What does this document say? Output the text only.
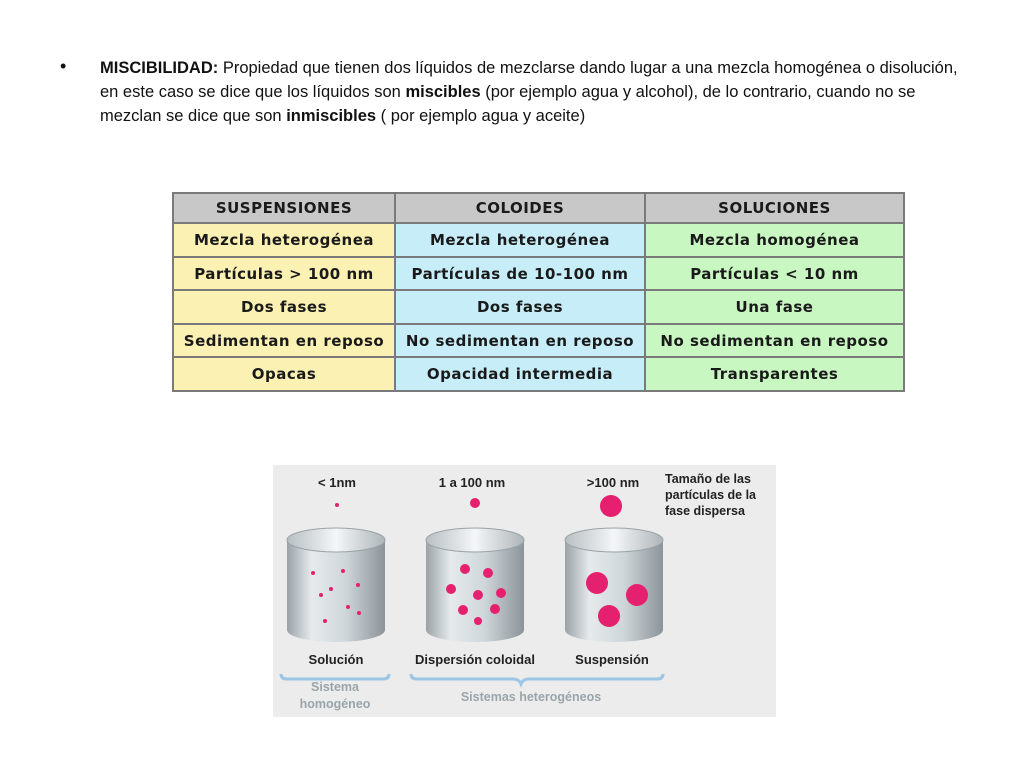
• MISCIBILIDAD: Propiedad que tienen dos líquidos de mezclarse dando lugar a una mezcla homogénea o disolución, en este caso se dice que los líquidos son miscibles (por ejemplo agua y alcohol), de lo contrario, cuando no se mezclan se dice que son inmiscibles ( por ejemplo agua y aceite)
SUSPENSIONES	COLOIDES	SOLUCIONES
Mezcla heterogénea	Mezcla heterogénea	Mezcla homogénea
Partículas > 100 nm	Partículas de 10-100 nm	Partículas < 10 nm
Dos fases	Dos fases	Una fase
Sedimentan en reposo	No sedimentan en reposo	No sedimentan en reposo
Opacas	Opacidad intermedia	Transparentes
< 1nm	1 a 100 nm	>100 nm Tamaño de las
partículas de la
fase dispersa
Solución	Dispersión coloidal	Suspensión
Sistema
homogéneo	Sistemas heterogéneos
